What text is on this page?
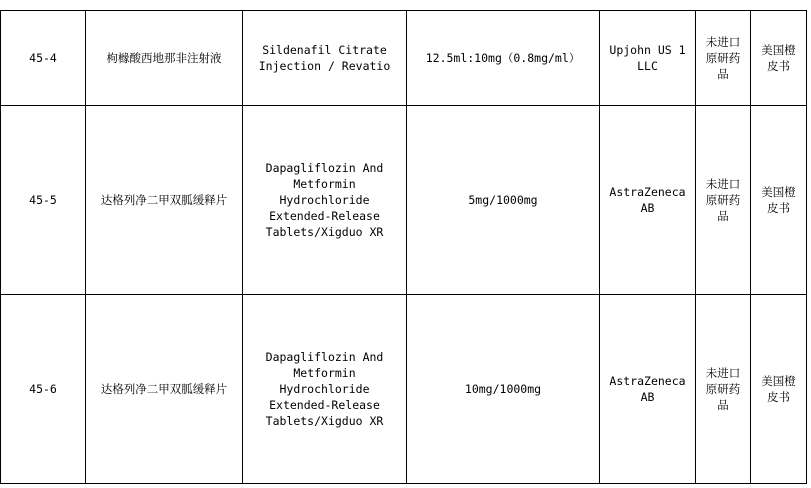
45-4	枸橼酸西地那非注射液	Sildenafil Citrate
Injection / Revatio	12.5ml:10mg（0.8mg/ml）	Upjohn US 1
LLC	未进口
原研药
品	美国橙
皮书
45-5	达格列净二甲双胍缓释片	Dapagliflozin And
Metformin Hydrochloride
Extended-Release
Tablets/Xigduo XR	5mg/1000mg	AstraZeneca
AB	未进口
原研药
品	美国橙
皮书
45-6	达格列净二甲双胍缓释片	Dapagliflozin And
Metformin Hydrochloride
Extended-Release
Tablets/Xigduo XR	10mg/1000mg	AstraZeneca
AB	未进口
原研药
品	美国橙
皮书
